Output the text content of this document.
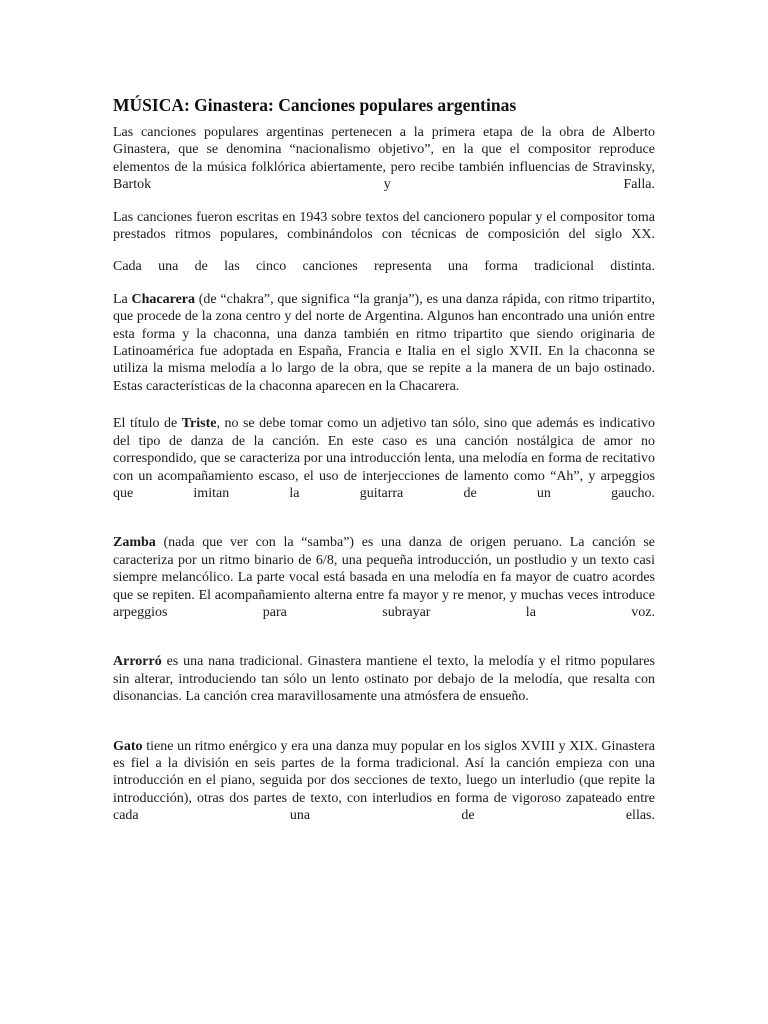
MÚSICA: Ginastera: Canciones populares argentinas

Las canciones populares argentinas pertenecen a la primera etapa de la obra de Alberto Ginastera, que se denomina “nacionalismo objetivo”, en la que el compositor reproduce elementos de la música folklórica abiertamente, pero recibe también influencias de Stravinsky, Bartok y Falla.

Las canciones fueron escritas en 1943 sobre textos del cancionero popular y el compositor toma prestados ritmos populares, combinándolos con técnicas de composición del siglo XX.

Cada una de las cinco canciones representa una forma tradicional distinta.

La Chacarera (de “chakra”, que significa “la granja”), es una danza rápida, con ritmo tripartito, que procede de la zona centro y del norte de Argentina. Algunos han encontrado una unión entre esta forma y la chaconna, una danza también en ritmo tripartito que siendo originaria de Latinoamérica fue adoptada en España, Francia e Italia en el siglo XVII. En la chaconna se utiliza la misma melodía a lo largo de la obra, que se repite a la manera de un bajo ostinado. Estas características de la chaconna aparecen en la Chacarera.

El título de Triste, no se debe tomar como un adjetivo tan sólo, sino que además es indicativo del tipo de danza de la canción. En este caso es una canción nostálgica de amor no correspondido, que se caracteriza por una introducción lenta, una melodía en forma de recitativo con un acompañamiento escaso, el uso de interjecciones de lamento como “Ah”, y arpeggios que imitan la guitarra de un gaucho.

Zamba (nada que ver con la “samba”) es una danza de origen peruano. La canción se caracteriza por un ritmo binario de 6/8, una pequeña introducción, un postludio y un texto casi siempre melancólico. La parte vocal está basada en una melodía en fa mayor de cuatro acordes que se repiten. El acompañamiento alterna entre fa mayor y re menor, y muchas veces introduce arpeggios para subrayar la voz.

Arrorró es una nana tradicional. Ginastera mantiene el texto, la melodía y el ritmo populares sin alterar, introduciendo tan sólo un lento ostinato por debajo de la melodía, que resalta con disonancias. La canción crea maravillosamente una atmósfera de ensueño.

Gato tiene un ritmo enérgico y era una danza muy popular en los siglos XVIII y XIX. Ginastera es fiel a la división en seis partes de la forma tradicional. Así la canción empieza con una introducción en el piano, seguida por dos secciones de texto, luego un interludio (que repite la introducción), otras dos partes de texto, con interludios en forma de vigoroso zapateado entre cada una de ellas.
